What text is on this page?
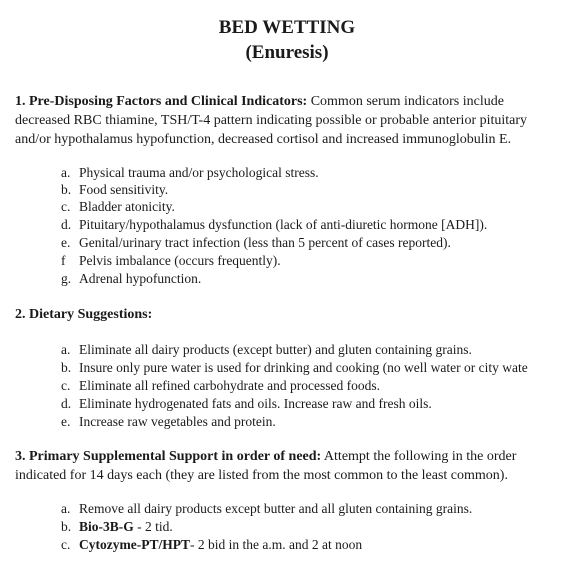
BED WETTING
(Enuresis)
1. Pre-Disposing Factors and Clinical Indicators: Common serum indicators include
decreased RBC thiamine, TSH/T-4 pattern indicating possible or probable anterior pituitary
and/or hypothalamus hypofunction, decreased cortisol and increased immunoglobulin E.
a. Physical trauma and/or psychological stress.
b. Food sensitivity.
c. Bladder atonicity.
d. Pituitary/hypothalamus dysfunction (lack of anti-diuretic hormone [ADH]).
e. Genital/urinary tract infection (less than 5 percent of cases reported).
f Pelvis imbalance (occurs frequently).
g. Adrenal hypofunction.
2. Dietary Suggestions:
a. Eliminate all dairy products (except butter) and gluten containing grains.
b. Insure only pure water is used for drinking and cooking (no well water or city wate
c. Eliminate all refined carbohydrate and processed foods.
d. Eliminate hydrogenated fats and oils. Increase raw and fresh oils.
e. Increase raw vegetables and protein.
3. Primary Supplemental Support in order of need: Attempt the following in the order
indicated for 14 days each (they are listed from the most common to the least common).
a. Remove all dairy products except butter and all gluten containing grains.
b. Bio-3B-G - 2 tid.
c. Cytozyme-PT/HPT- 2 bid in the a.m. and 2 at noon
